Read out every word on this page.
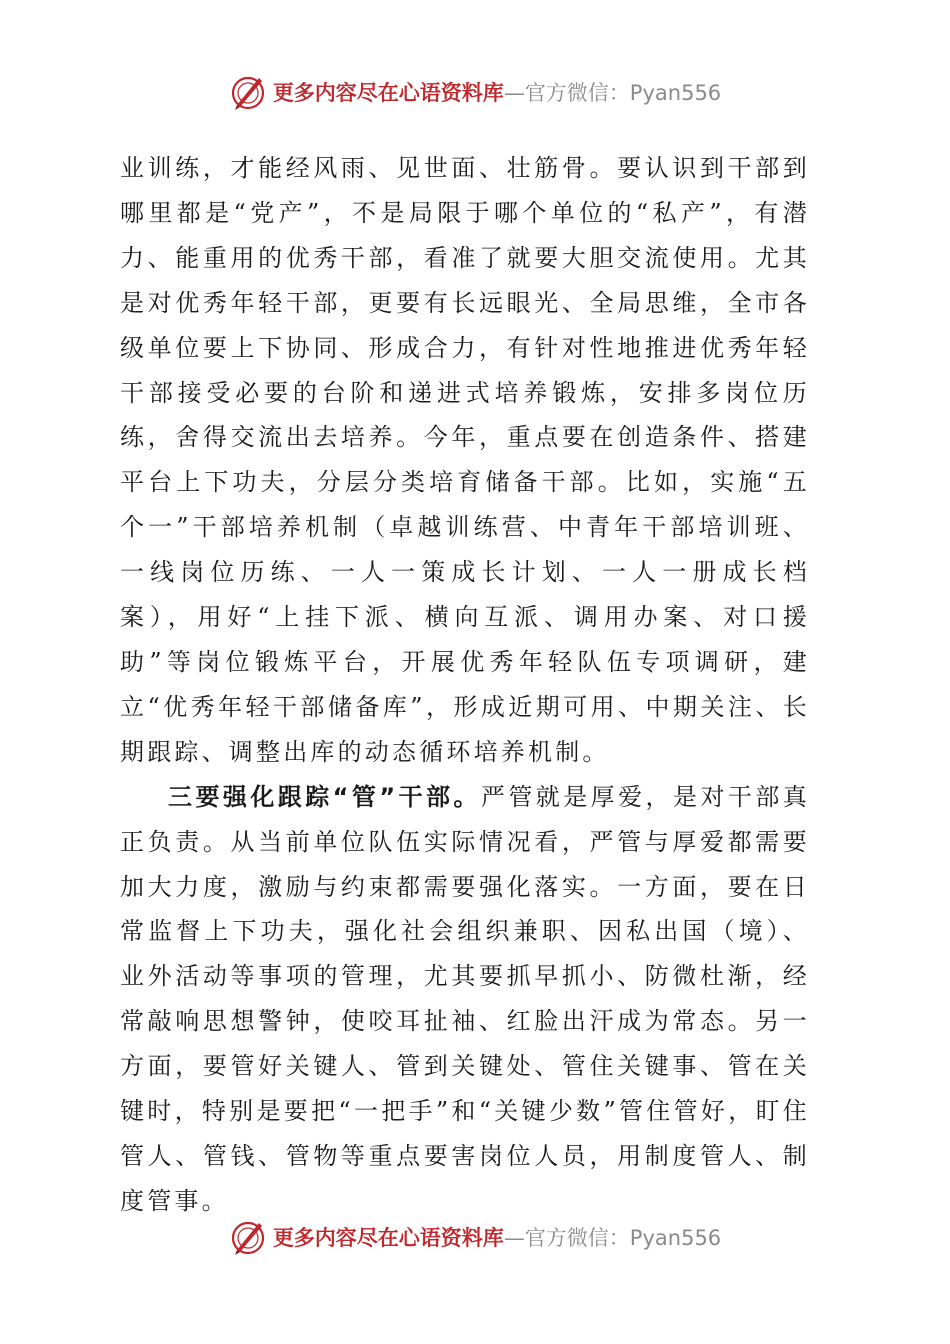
更多内容尽在心语资料库 —官方微信：Pyan556

业训练，才能经风雨、见世面、壮筋骨。要认识到干部到哪里都是“党产”，不是局限于哪个单位的“私产”，有潜力、能重用的优秀干部，看准了就要大胆交流使用。尤其是对优秀年轻干部，更要有长远眼光、全局思维，全市各级单位要上下协同、形成合力，有针对性地推进优秀年轻干部接受必要的台阶和递进式培养锻炼，安排多岗位历练，舍得交流出去培养。今年，重点要在创造条件、搭建平台上下功夫，分层分类培育储备干部。比如，实施“五个一”干部培养机制（卓越训练营、中青年干部培训班、一线岗位历练、一人一策成长计划、一人一册成长档案），用好“上挂下派、横向互派、调用办案、对口援助”等岗位锻炼平台，开展优秀年轻队伍专项调研，建立“优秀年轻干部储备库”，形成近期可用、中期关注、长期跟踪、调整出库的动态循环培养机制。

三要强化跟踪“管”干部。严管就是厚爱，是对干部真正负责。从当前单位队伍实际情况看，严管与厚爱都需要加大力度，激励与约束都需要强化落实。一方面，要在日常监督上下功夫，强化社会组织兼职、因私出国（境）、业外活动等事项的管理，尤其要抓早抓小、防微杜渐，经常敲响思想警钟，使咬耳扯袖、红脸出汗成为常态。另一方面，要管好关键人、管到关键处、管住关键事、管在关键时，特别是要把“一把手”和“关键少数”管住管好，盯住管人、管钱、管物等重点要害岗位人员，用制度管人、制度管事。

更多内容尽在心语资料库 —官方微信：Pyan556
